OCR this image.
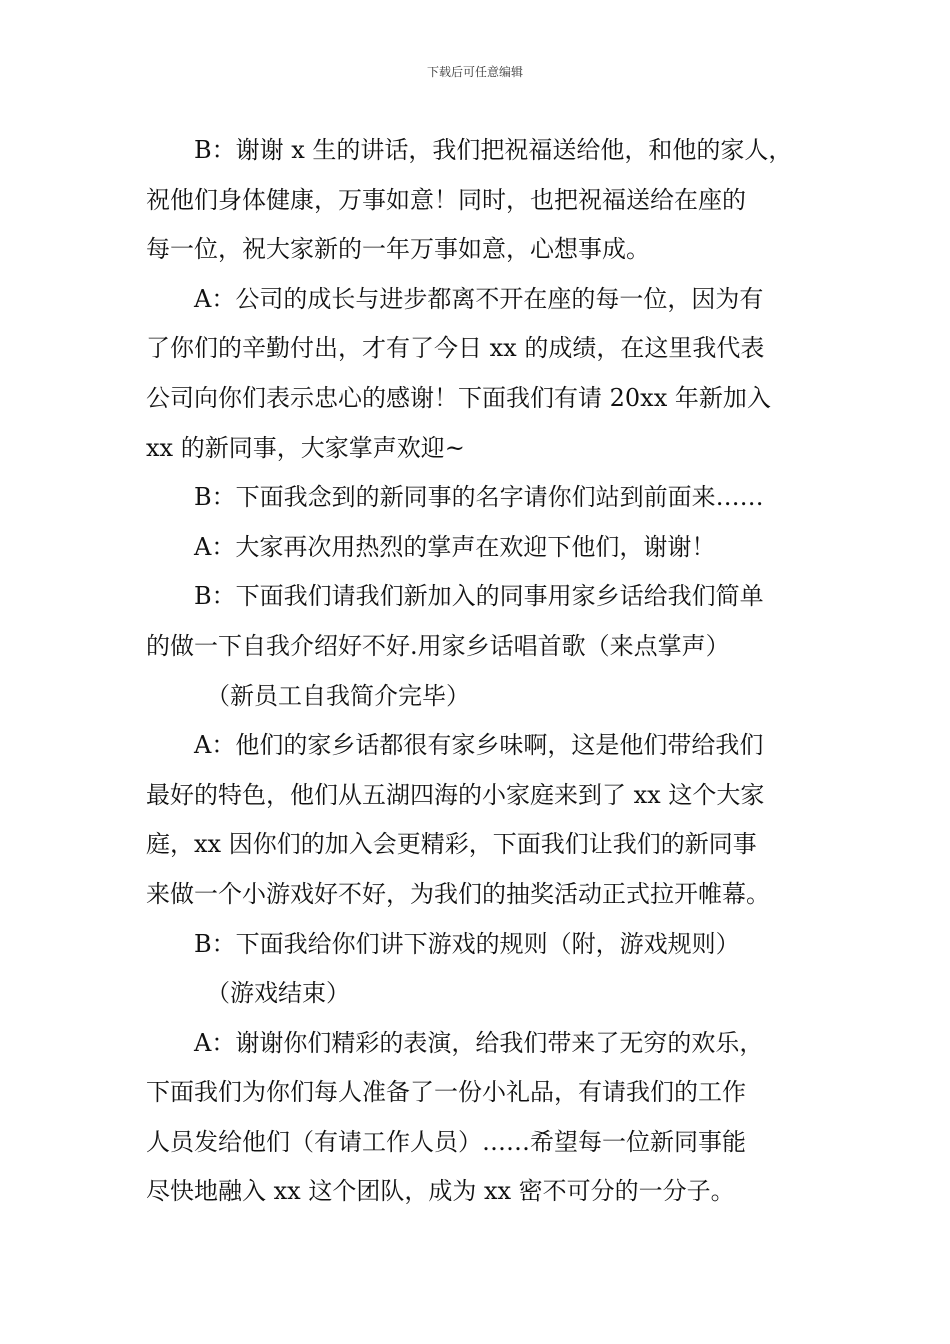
下载后可任意编辑
B：谢谢 x 生的讲话，我们把祝福送给他，和他的家人，
祝他们身体健康，万事如意！同时，也把祝福送给在座的
每一位，祝大家新的一年万事如意，心想事成。
A：公司的成长与进步都离不开在座的每一位，因为有
了你们的辛勤付出，才有了今日 xx 的成绩，在这里我代表
公司向你们表示忠心的感谢！下面我们有请 20xx 年新加入
xx 的新同事，大家掌声欢迎~
B：下面我念到的新同事的名字请你们站到前面来……
A：大家再次用热烈的掌声在欢迎下他们，谢谢！
B：下面我们请我们新加入的同事用家乡话给我们简单
的做一下自我介绍好不好.用家乡话唱首歌（来点掌声）
（新员工自我简介完毕）
A：他们的家乡话都很有家乡味啊，这是他们带给我们
最好的特色，他们从五湖四海的小家庭来到了 xx 这个大家
庭，xx 因你们的加入会更精彩，下面我们让我们的新同事
来做一个小游戏好不好，为我们的抽奖活动正式拉开帷幕。
B：下面我给你们讲下游戏的规则（附，游戏规则）
（游戏结束）
A：谢谢你们精彩的表演，给我们带来了无穷的欢乐，
下面我们为你们每人准备了一份小礼品，有请我们的工作
人员发给他们（有请工作人员）……希望每一位新同事能
尽快地融入 xx 这个团队，成为 xx 密不可分的一分子。
